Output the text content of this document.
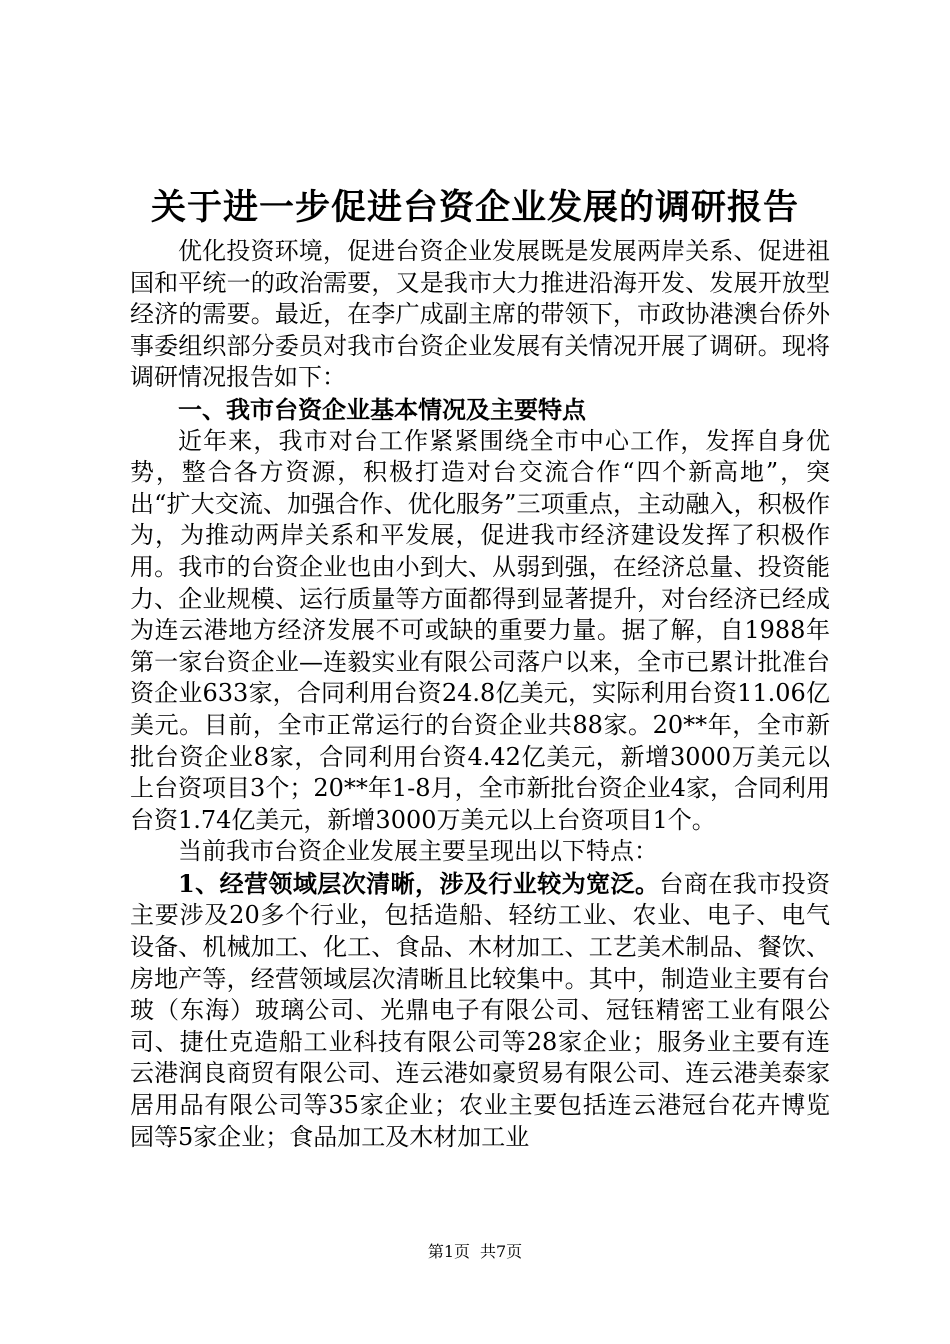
关于进一步促进台资企业发展的调研报告

优化投资环境，促进台资企业发展既是发展两岸关系、促进祖国和平统一的政治需要，又是我市大力推进沿海开发、发展开放型经济的需要。最近，在李广成副主席的带领下，市政协港澳台侨外事委组织部分委员对我市台资企业发展有关情况开展了调研。现将调研情况报告如下：

一、我市台资企业基本情况及主要特点

近年来，我市对台工作紧紧围绕全市中心工作，发挥自身优势，整合各方资源，积极打造对台交流合作“四个新高地”，突出“扩大交流、加强合作、优化服务”三项重点，主动融入，积极作为，为推动两岸关系和平发展，促进我市经济建设发挥了积极作用。我市的台资企业也由小到大、从弱到强，在经济总量、投资能力、企业规模、运行质量等方面都得到显著提升，对台经济已经成为连云港地方经济发展不可或缺的重要力量。据了解，自1988年第一家台资企业—连毅实业有限公司落户以来，全市已累计批准台资企业633家，合同利用台资24.8亿美元，实际利用台资11.06亿美元。目前，全市正常运行的台资企业共88家。20**年，全市新批台资企业8家，合同利用台资4.42亿美元，新增3000万美元以上台资项目3个；20**年1-8月，全市新批台资企业4家，合同利用台资1.74亿美元，新增3000万美元以上台资项目1个。

当前我市台资企业发展主要呈现出以下特点：

1、经营领域层次清晰，涉及行业较为宽泛。台商在我市投资主要涉及20多个行业，包括造船、轻纺工业、农业、电子、电气设备、机械加工、化工、食品、木材加工、工艺美术制品、餐饮、房地产等，经营领域层次清晰且比较集中。其中，制造业主要有台玻（东海）玻璃公司、光鼎电子有限公司、冠钰精密工业有限公司、捷仕克造船工业科技有限公司等28家企业；服务业主要有连云港润良商贸有限公司、连云港如豪贸易有限公司、连云港美泰家居用品有限公司等35家企业；农业主要包括连云港冠台花卉博览园等5家企业；食品加工及木材加工业

第1页 共7页
